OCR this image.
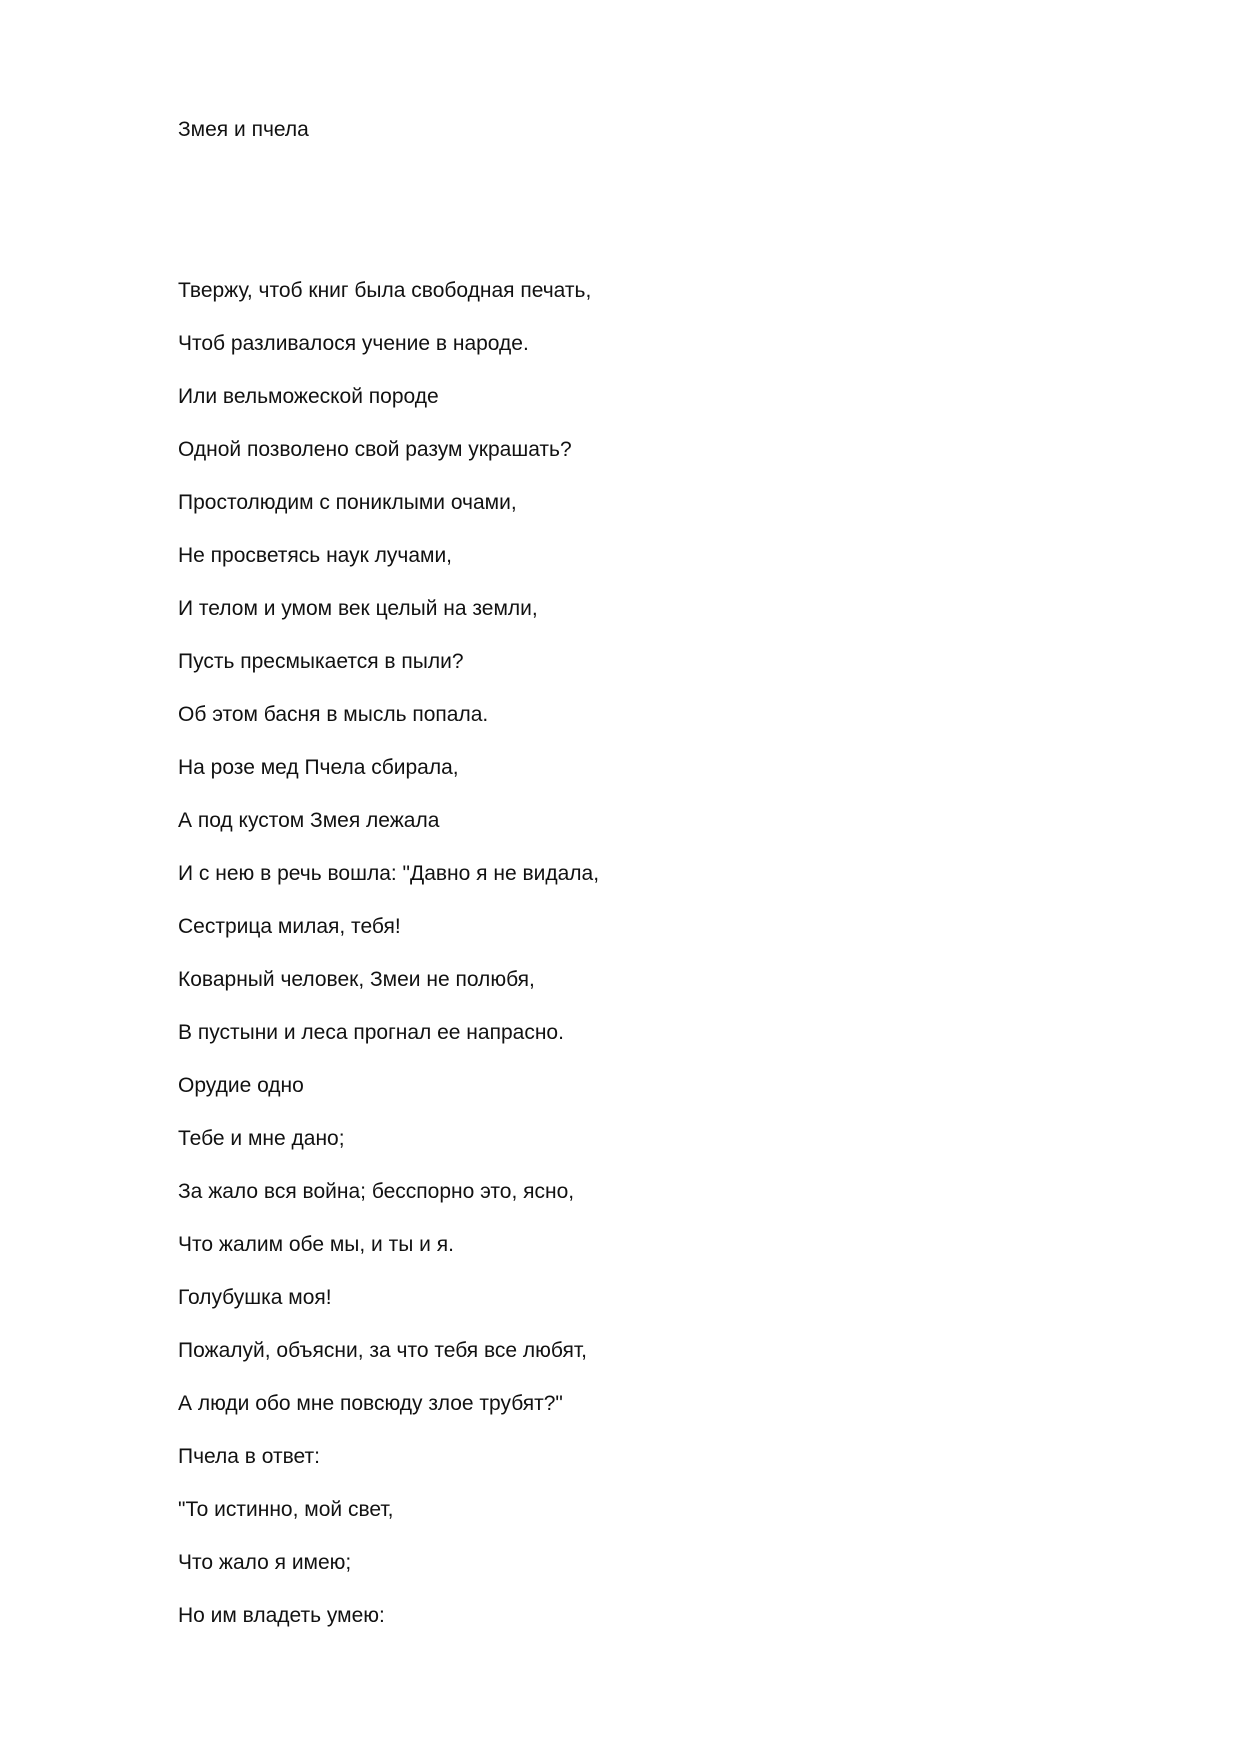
Змея и пчела
Твержу, чтоб книг была свободная печать,
Чтоб разливалося учение в народе.
Или вельможеской породе
Одной позволено свой разум украшать?
Простолюдим с пониклыми очами,
Не просветясь наук лучами,
И телом и умом век целый на земли,
Пусть пресмыкается в пыли?
Об этом басня в мысль попала.
На розе мед Пчела сбирала,
А под кустом Змея лежала
И с нею в речь вошла: "Давно я не видала,
Сестрица милая, тебя!
Коварный человек, Змеи не полюбя,
В пустыни и леса прогнал ее напрасно.
Орудие одно
Тебе и мне дано;
За жало вся война; бесспорно это, ясно,
Что жалим обе мы, и ты и я.
Голубушка моя!
Пожалуй, объясни, за что тебя все любят,
А люди обо мне повсюду злое трубят?"
Пчела в ответ:
"То истинно, мой свет,
Что жало я имею;
Но им владеть умею:
